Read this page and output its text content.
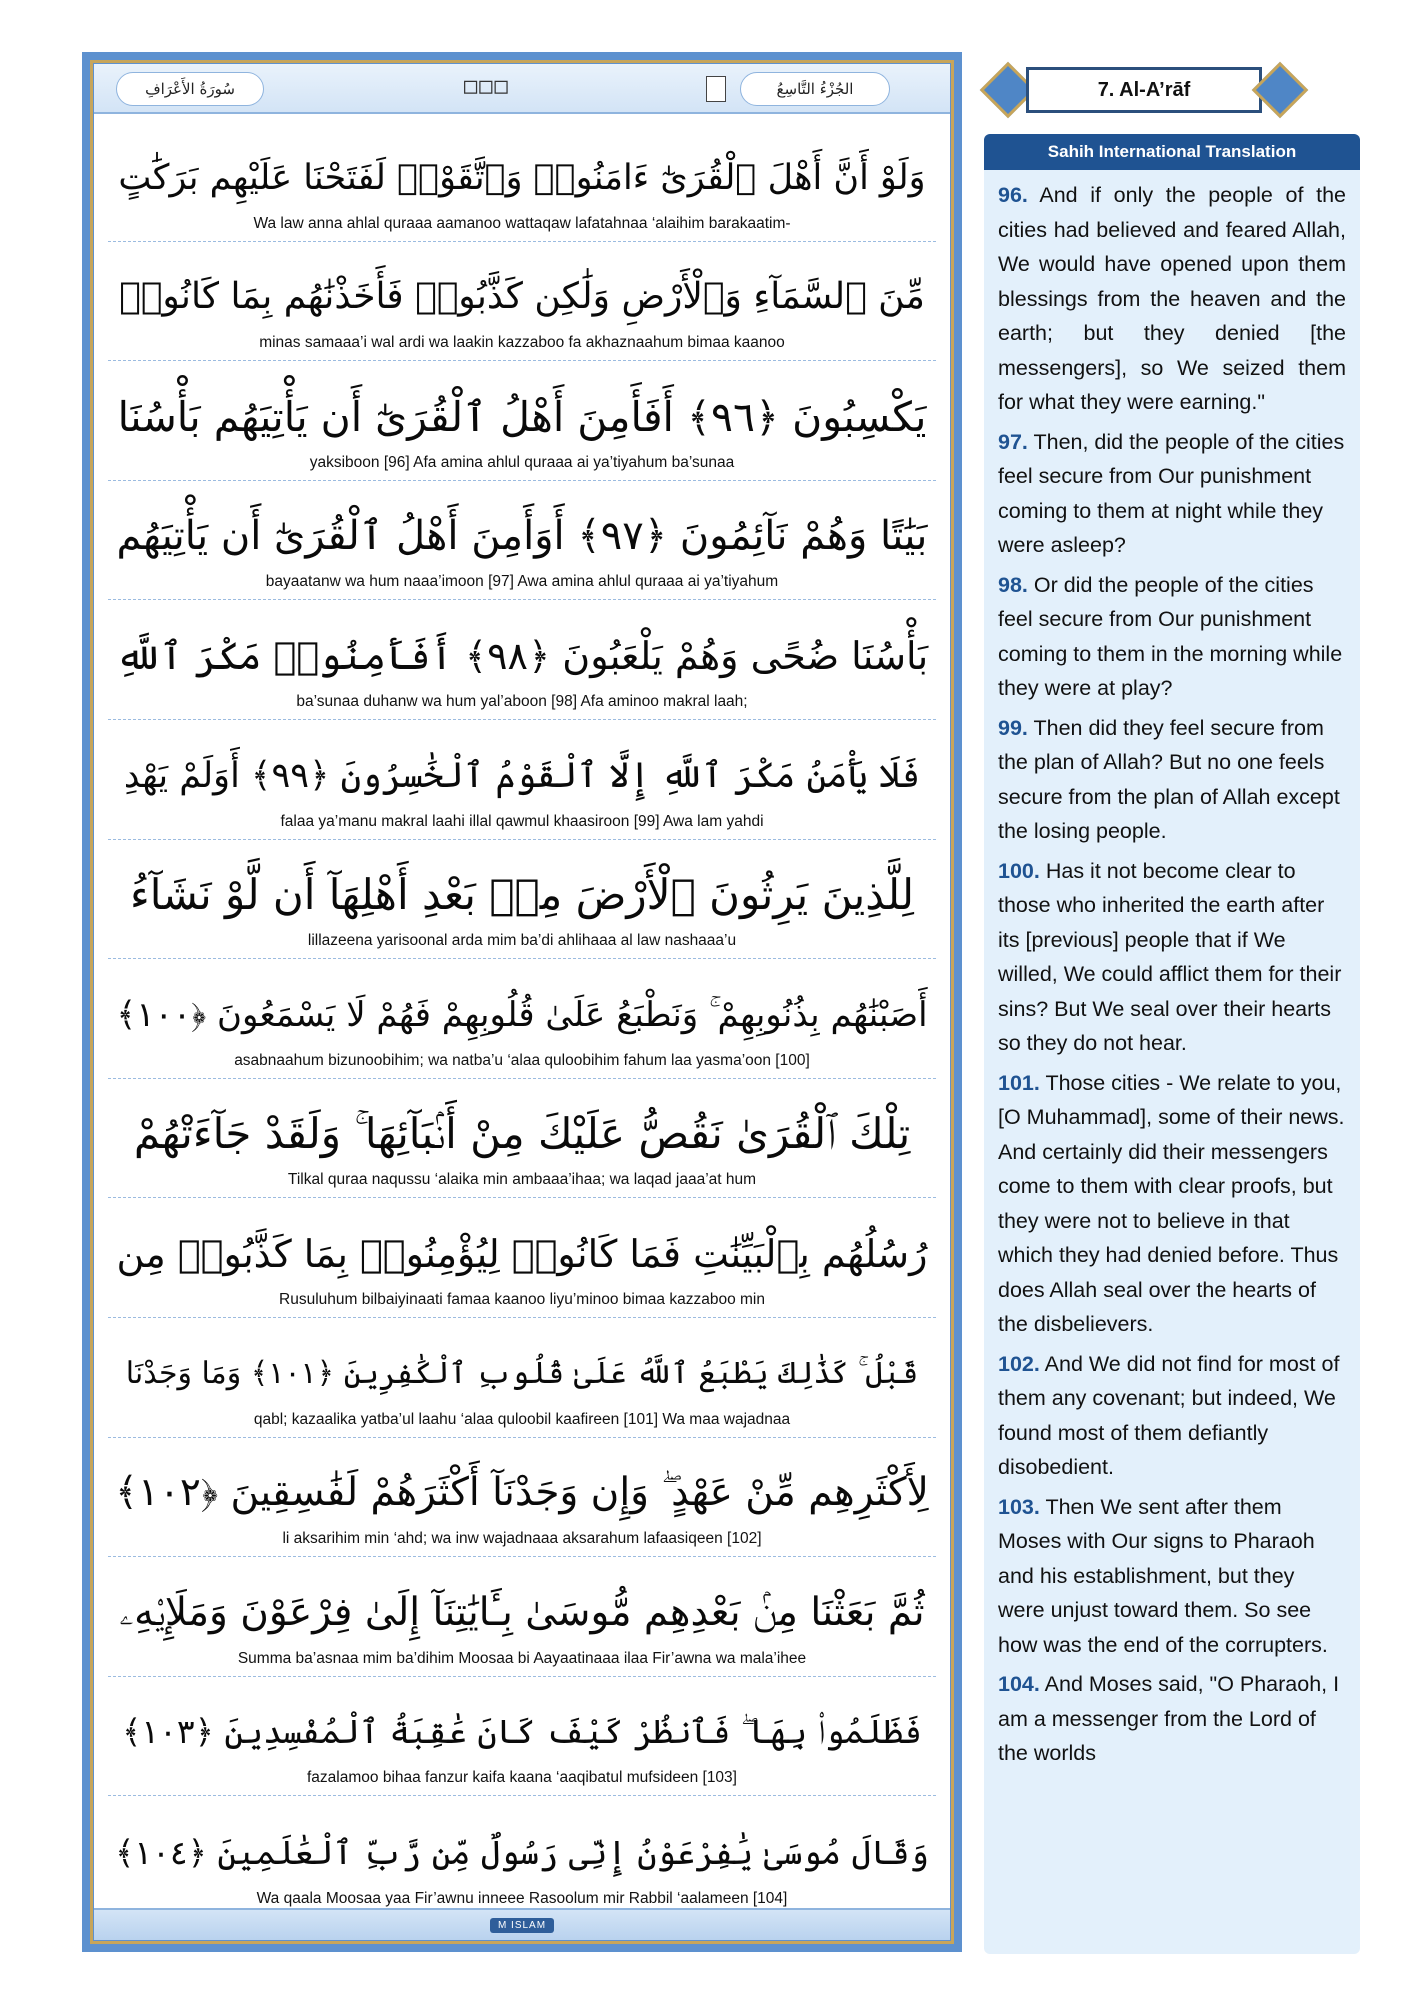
سُورَةُ الأَعْرَافِ	□□□	الجُزْءُ التَّاسِعُ
وَلَوْ أَنَّ أَهْلَ ٱلْقُرَىٰٓ ءَامَنُوا۟ وَٱتَّقَوْا۟ لَفَتَحْنَا عَلَيْهِم بَرَكَٰتٍ
Wa law anna ahlal quraaa aamanoo wattaqaw lafatahnaa ‘alaihim barakaatim-
مِّنَ ٱلسَّمَآءِ وَٱلْأَرْضِ وَلَٰكِن كَذَّبُوا۟ فَأَخَذْنَٰهُم بِمَا كَانُوا۟
minas samaaa’i wal ardi wa laakin kazzaboo fa akhaznaahum bimaa kaanoo
يَكْسِبُونَ ﴿٩٦﴾ أَفَأَمِنَ أَهْلُ ٱلْقُرَىٰٓ أَن يَأْتِيَهُم بَأْسُنَا
yaksiboon [96] Afa amina ahlul quraaa ai ya’tiyahum ba’sunaa
بَيَٰتًا وَهُمْ نَآئِمُونَ ﴿٩٧﴾ أَوَأَمِنَ أَهْلُ ٱلْقُرَىٰٓ أَن يَأْتِيَهُم
bayaatanw wa hum naaa’imoon [97] Awa amina ahlul quraaa ai ya’tiyahum
بَأْسُنَا ضُحًى وَهُمْ يَلْعَبُونَ ﴿٩٨﴾ أَفَأَمِنُوا۟ مَكْرَ ٱللَّهِ
ba’sunaa duhanw wa hum yal’aboon [98] Afa aminoo makral laah;
فَلَا يَأْمَنُ مَكْرَ ٱللَّهِ إِلَّا ٱلْقَوْمُ ٱلْخَٰسِرُونَ ﴿٩٩﴾ أَوَلَمْ يَهْدِ
falaa ya’manu makral laahi illal qawmul khaasiroon [99] Awa lam yahdi
لِلَّذِينَ يَرِثُونَ ٱلْأَرْضَ مِنۢ بَعْدِ أَهْلِهَآ أَن لَّوْ نَشَآءُ
lillazeena yarisoonal arda mim ba’di ahlihaaa al law nashaaa’u
أَصَبْنَٰهُم بِذُنُوبِهِمْ ۚ وَنَطْبَعُ عَلَىٰ قُلُوبِهِمْ فَهُمْ لَا يَسْمَعُونَ ﴿١٠٠﴾
asabnaahum bizunoobihim; wa natba’u ‘alaa quloobihim fahum laa yasma’oon [100]
تِلْكَ ٱلْقُرَىٰ نَقُصُّ عَلَيْكَ مِنْ أَنۢبَآئِهَا ۚ وَلَقَدْ جَآءَتْهُمْ
Tilkal quraa naqussu ‘alaika min ambaaa’ihaa; wa laqad jaaa’at hum
رُسُلُهُم بِٱلْبَيِّنَٰتِ فَمَا كَانُوا۟ لِيُؤْمِنُوا۟ بِمَا كَذَّبُوا۟ مِن
Rusuluhum bilbaiyinaati famaa kaanoo liyu’minoo bimaa kazzaboo min
قَبْلُ ۚ كَذَٰلِكَ يَطْبَعُ ٱللَّهُ عَلَىٰ قُلُوبِ ٱلْكَٰفِرِينَ ﴿١٠١﴾ وَمَا وَجَدْنَا
qabl; kazaalika yatba’ul laahu ‘alaa quloobil kaafireen [101] Wa maa wajadnaa
لِأَكْثَرِهِم مِّنْ عَهْدٍ ۖ وَإِن وَجَدْنَآ أَكْثَرَهُمْ لَفَٰسِقِينَ ﴿١٠٢﴾
li aksarihim min ‘ahd; wa inw wajadnaaa aksarahum lafaasiqeen [102]
ثُمَّ بَعَثْنَا مِنۢ بَعْدِهِم مُّوسَىٰ بِـَٔايَٰتِنَآ إِلَىٰ فِرْعَوْنَ وَمَلَإِي۟هِۦ
Summa ba’asnaa mim ba’dihim Moosaa bi Aayaatinaaa ilaa Fir’awna wa mala’ihee
فَظَلَمُوا۟ بِهَا ۖ فَٱنظُرْ كَيْفَ كَانَ عَٰقِبَةُ ٱلْمُفْسِدِينَ ﴿١٠٣﴾
fazalamoo bihaa fanzur kaifa kaana ‘aaqibatul mufsideen [103]
وَقَالَ مُوسَىٰ يَٰفِرْعَوْنُ إِنِّى رَسُولٌ مِّن رَّبِّ ٱلْعَٰلَمِينَ ﴿١٠٤﴾
Wa qaala Moosaa yaa Fir’awnu inneee Rasoolum mir Rabbil ‘aalameen [104]
M ISLAM
7. Al-A’rāf
Sahih International Translation

96. And if only the people of the cities had believed and feared Allah, We would have opened upon them blessings from the heaven and the earth; but they denied [the messengers], so We seized them for what they were earning."

97. Then, did the people of the cities feel secure from Our punishment coming to them at night while they were asleep?

98. Or did the people of the cities feel secure from Our punishment coming to them in the morning while they were at play?

99. Then did they feel secure from the plan of Allah? But no one feels secure from the plan of Allah except the losing people.

100. Has it not become clear to those who inherited the earth after its [previous] people that if We willed, We could afflict them for their sins? But We seal over their hearts so they do not hear.

101. Those cities - We relate to you, [O Muhammad], some of their news. And certainly did their messengers come to them with clear proofs, but they were not to believe in that which they had denied before. Thus does Allah seal over the hearts of the disbelievers.

102. And We did not find for most of them any covenant; but indeed, We found most of them defiantly disobedient.

103. Then We sent after them Moses with Our signs to Pharaoh and his establishment, but they were unjust toward them. So see how was the end of the corrupters.

104. And Moses said, "O Pharaoh, I am a messenger from the Lord of the worlds
